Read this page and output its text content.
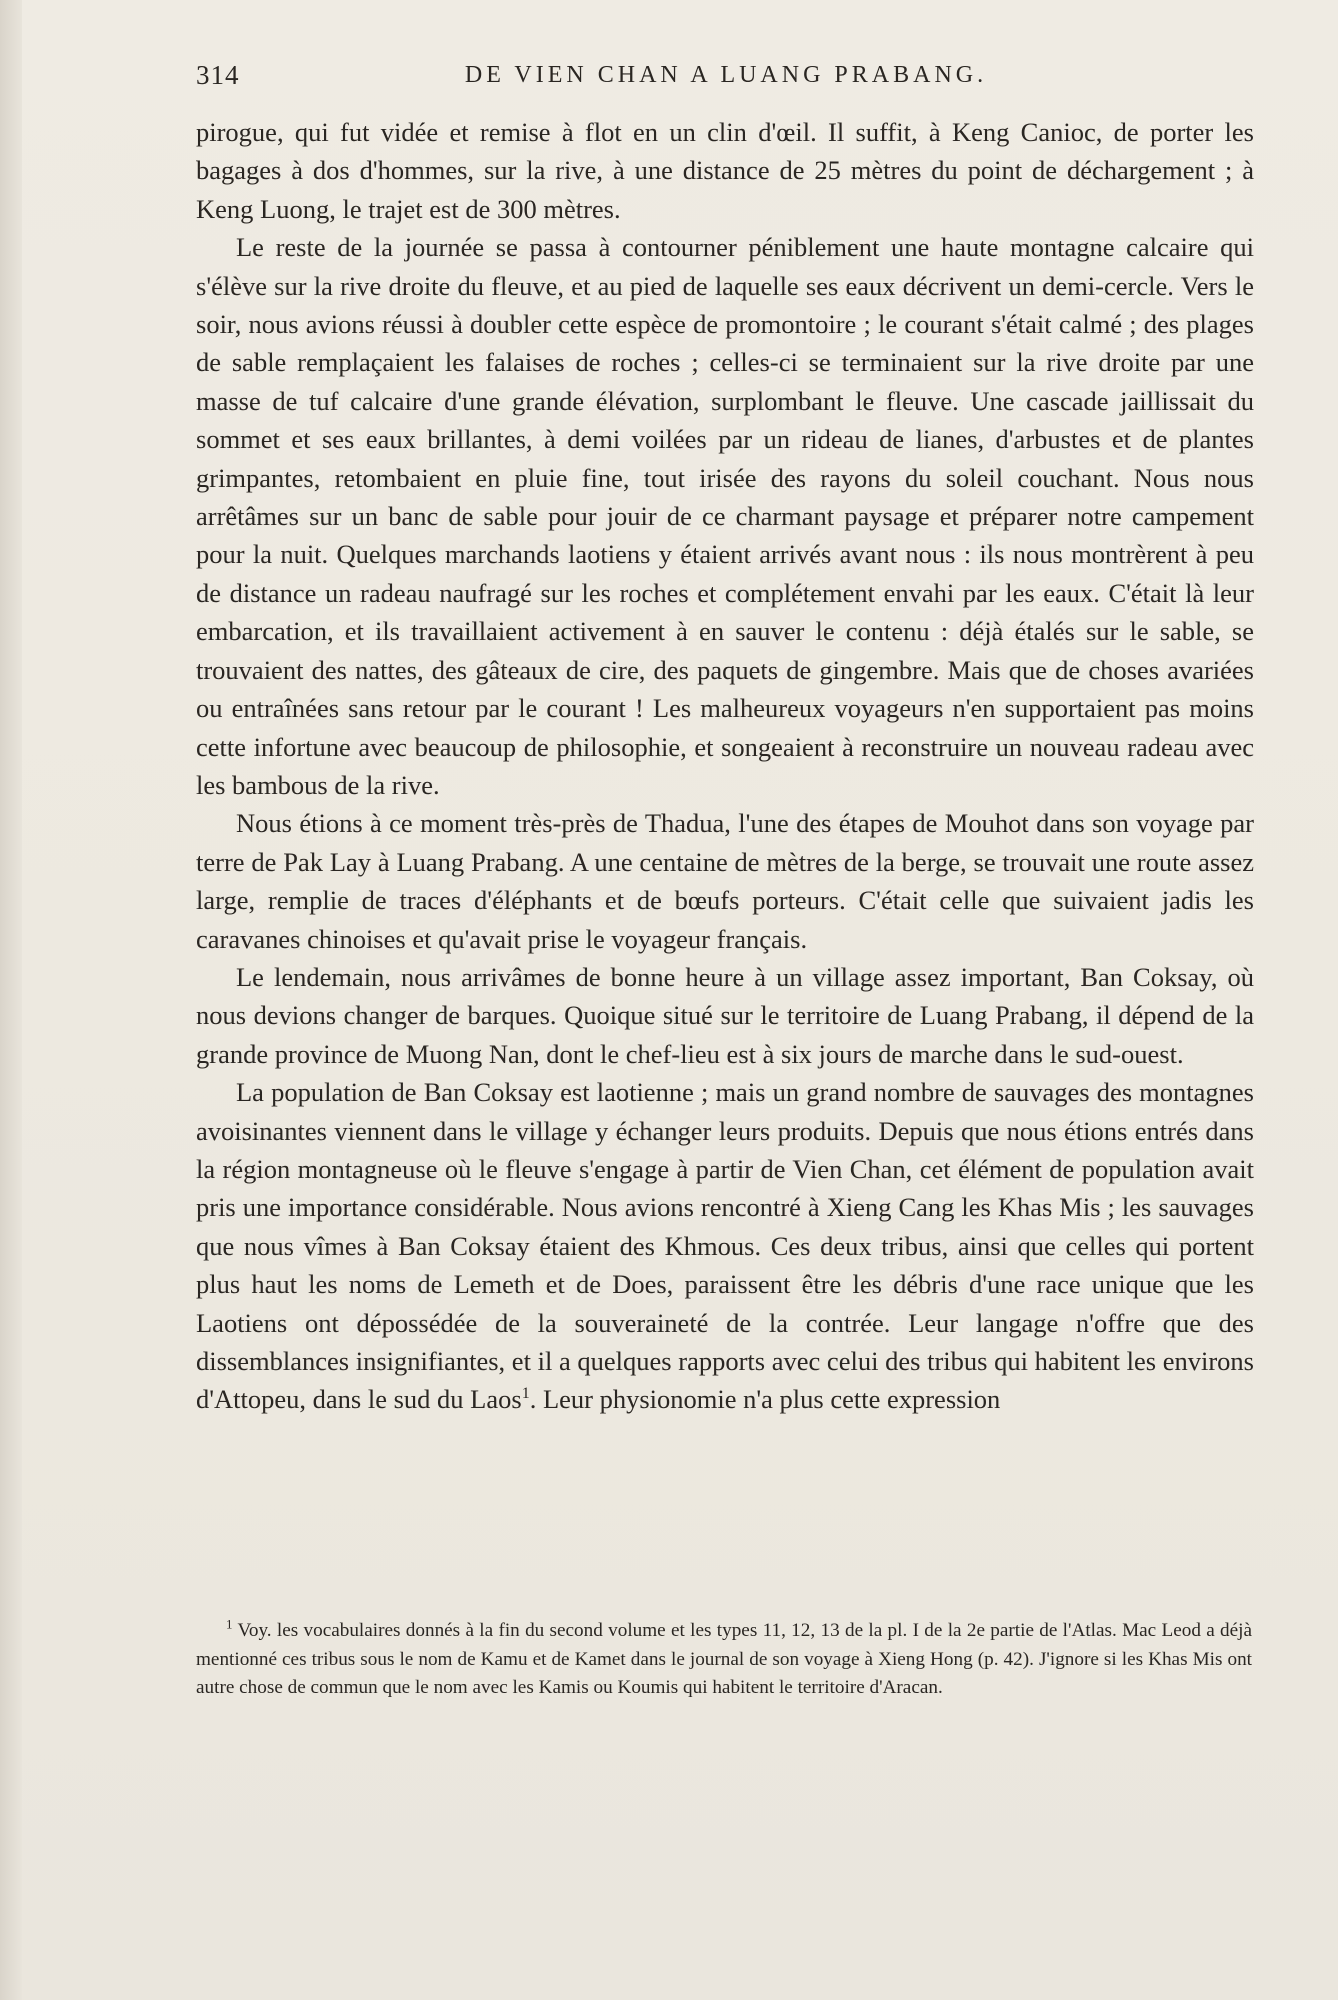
314	DE VIEN CHAN A LUANG PRABANG.

pirogue, qui fut vidée et remise à flot en un clin d'œil. Il suffit, à Keng Canioc, de porter les bagages à dos d'hommes, sur la rive, à une distance de 25 mètres du point de déchargement ; à Keng Luong, le trajet est de 300 mètres.

Le reste de la journée se passa à contourner péniblement une haute montagne calcaire qui s'élève sur la rive droite du fleuve, et au pied de laquelle ses eaux décrivent un demi-cercle. Vers le soir, nous avions réussi à doubler cette espèce de promontoire ; le courant s'était calmé ; des plages de sable remplaçaient les falaises de roches ; celles-ci se terminaient sur la rive droite par une masse de tuf calcaire d'une grande élévation, surplombant le fleuve. Une cascade jaillissait du sommet et ses eaux brillantes, à demi voilées par un rideau de lianes, d'arbustes et de plantes grimpantes, retombaient en pluie fine, tout irisée des rayons du soleil couchant. Nous nous arrêtâmes sur un banc de sable pour jouir de ce charmant paysage et préparer notre campement pour la nuit. Quelques marchands laotiens y étaient arrivés avant nous : ils nous montrèrent à peu de distance un radeau naufragé sur les roches et complétement envahi par les eaux. C'était là leur embarcation, et ils travaillaient activement à en sauver le contenu : déjà étalés sur le sable, se trouvaient des nattes, des gâteaux de cire, des paquets de gingembre. Mais que de choses avariées ou entraînées sans retour par le courant ! Les malheureux voyageurs n'en supportaient pas moins cette infortune avec beaucoup de philosophie, et songeaient à reconstruire un nouveau radeau avec les bambous de la rive.

Nous étions à ce moment très-près de Thadua, l'une des étapes de Mouhot dans son voyage par terre de Pak Lay à Luang Prabang. A une centaine de mètres de la berge, se trouvait une route assez large, remplie de traces d'éléphants et de bœufs porteurs. C'était celle que suivaient jadis les caravanes chinoises et qu'avait prise le voyageur français.

Le lendemain, nous arrivâmes de bonne heure à un village assez important, Ban Coksay, où nous devions changer de barques. Quoique situé sur le territoire de Luang Prabang, il dépend de la grande province de Muong Nan, dont le chef-lieu est à six jours de marche dans le sud-ouest.

La population de Ban Coksay est laotienne ; mais un grand nombre de sauvages des montagnes avoisinantes viennent dans le village y échanger leurs produits. Depuis que nous étions entrés dans la région montagneuse où le fleuve s'engage à partir de Vien Chan, cet élément de population avait pris une importance considérable. Nous avions rencontré à Xieng Cang les Khas Mis ; les sauvages que nous vîmes à Ban Coksay étaient des Khmous. Ces deux tribus, ainsi que celles qui portent plus haut les noms de Lemeth et de Does, paraissent être les débris d'une race unique que les Laotiens ont dépossédée de la souveraineté de la contrée. Leur langage n'offre que des dissemblances insignifiantes, et il a quelques rapports avec celui des tribus qui habitent les environs d'Attopeu, dans le sud du Laos$^1$. Leur physionomie n'a plus cette expression

$^1$ Voy. les vocabulaires donnés à la fin du second volume et les types 11, 12, 13 de la pl. I de la 2e partie de l'Atlas. Mac Leod a déjà mentionné ces tribus sous le nom de Kamu et de Kamet dans le journal de son voyage à Xieng Hong (p. 42). J'ignore si les Khas Mis ont autre chose de commun que le nom avec les Kamis ou Koumis qui habitent le territoire d'Aracan.
